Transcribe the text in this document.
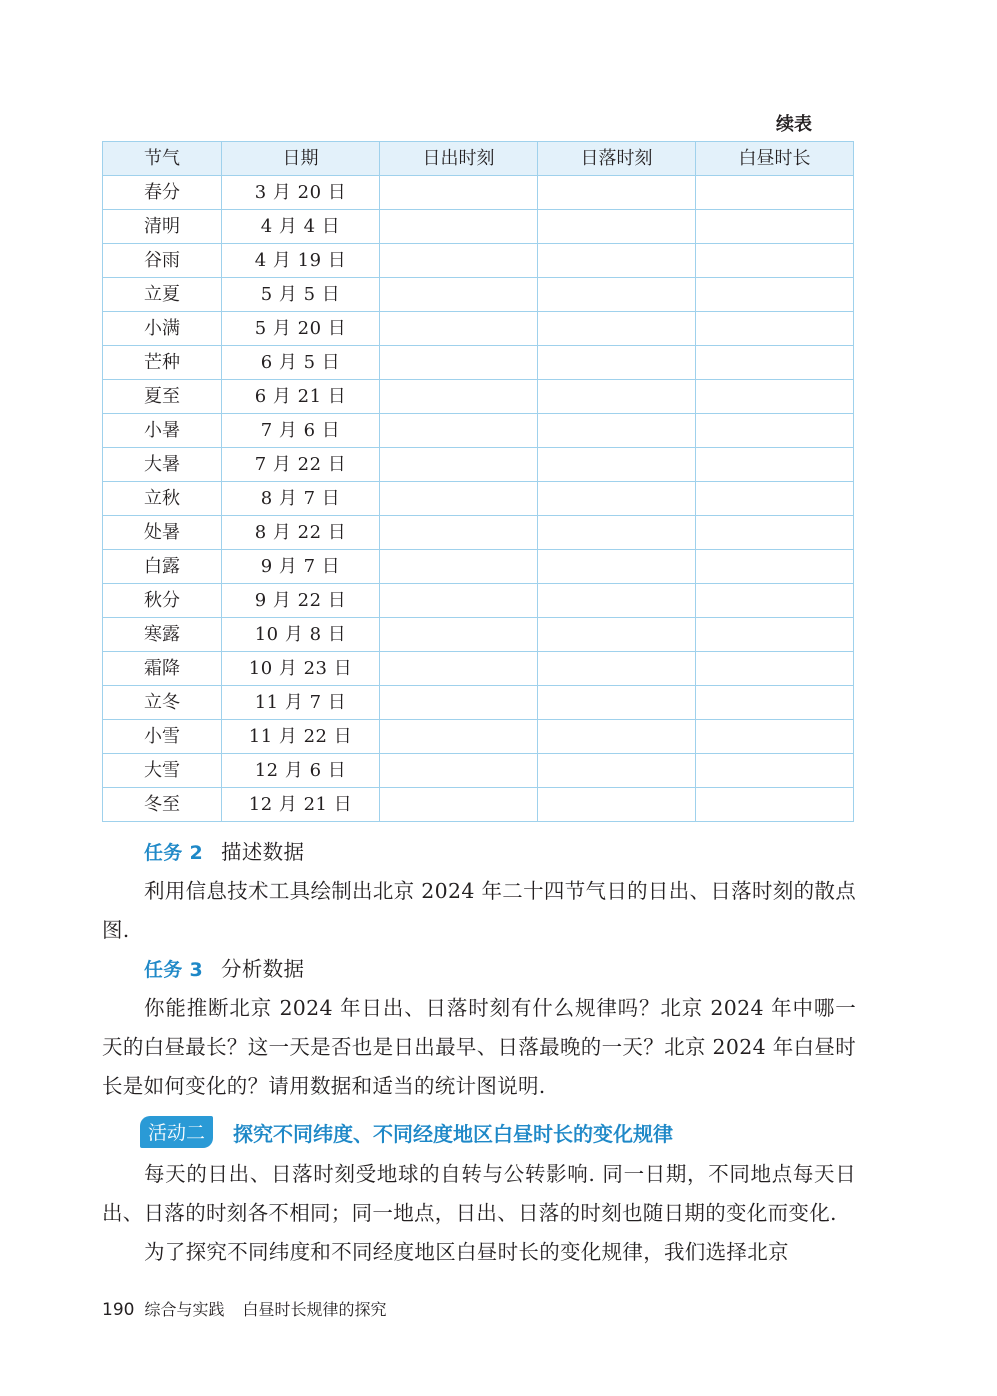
续表
节气	日期	日出时刻	日落时刻	白昼时长
春分	3 月 20 日			
清明	4 月 4 日			
谷雨	4 月 19 日			
立夏	5 月 5 日			
小满	5 月 20 日			
芒种	6 月 5 日			
夏至	6 月 21 日			
小暑	7 月 6 日			
大暑	7 月 22 日			
立秋	8 月 7 日			
处暑	8 月 22 日			
白露	9 月 7 日			
秋分	9 月 22 日			
寒露	10 月 8 日			
霜降	10 月 23 日			
立冬	11 月 7 日			
小雪	11 月 22 日			
大雪	12 月 6 日			
冬至	12 月 21 日			
任务 2 描述数据
利用信息技术工具绘制出北京 2024 年二十四节气日的日出、日落时刻的散点图.
任务 3 分析数据
你能推断北京 2024 年日出、日落时刻有什么规律吗？北京 2024 年中哪一天的白昼最长？这一天是否也是日出最早、日落最晚的一天？北京 2024 年白昼时长是如何变化的？请用数据和适当的统计图说明.
活动二	探究不同纬度、不同经度地区白昼时长的变化规律
每天的日出、日落时刻受地球的自转与公转影响. 同一日期，不同地点每天日出、日落的时刻各不相同；同一地点，日出、日落的时刻也随日期的变化而变化.
为了探究不同纬度和不同经度地区白昼时长的变化规律，我们选择北京
190 综合与实践 白昼时长规律的探究
